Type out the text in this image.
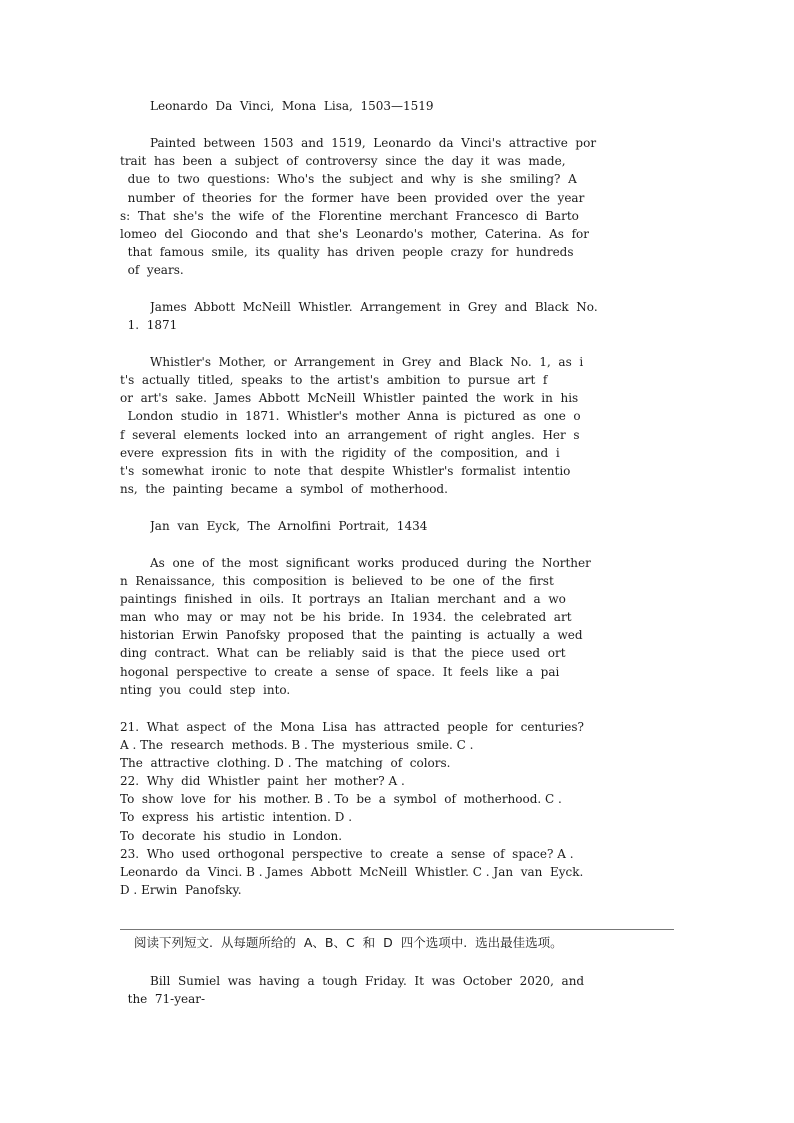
Leonardo  Da  Vinci,  Mona  Lisa,  1503—1519
Painted  between  1503  and  1519,  Leonardo  da  Vinci's  attractive  por
trait  has  been  a  subject  of  controversy  since  the  day  it  was  made,
due  to  two  questions:  Who's  the  subject  and  why  is  she  smiling?  A
number  of  theories  for  the  former  have  been  provided  over  the  year
s:  That  she's  the  wife  of  the  Florentine  merchant  Francesco  di  Barto
lomeo  del  Giocondo  and  that  she's  Leonardo's  mother,  Caterina.  As  for
that  famous  smile,  its  quality  has  driven  people  crazy  for  hundreds
of  years.
James  Abbott  McNeill  Whistler.  Arrangement  in  Grey  and  Black  No.
1.  1871
Whistler's  Mother,  or  Arrangement  in  Grey  and  Black  No.  1,  as  i
t's  actually  titled,  speaks  to  the  artist's  ambition  to  pursue  art  f
or  art's  sake.  James  Abbott  McNeill  Whistler  painted  the  work  in  his
London  studio  in  1871.  Whistler's  mother  Anna  is  pictured  as  one  o
f  several  elements  locked  into  an  arrangement  of  right  angles.  Her  s
evere  expression  fits  in  with  the  rigidity  of  the  composition,  and  i
t's  somewhat  ironic  to  note  that  despite  Whistler's  formalist  intentio
ns,  the  painting  became  a  symbol  of  motherhood.
Jan  van  Eyck,  The  Arnolfini  Portrait,  1434
As  one  of  the  most  significant  works  produced  during  the  Norther
n  Renaissance,  this  composition  is  believed  to  be  one  of  the  first
paintings  finished  in  oils.  It  portrays  an  Italian  merchant  and  a  wo
man  who  may  or  may  not  be  his  bride.  In  1934.  the  celebrated  art
historian  Erwin  Panofsky  proposed  that  the  painting  is  actually  a  wed
ding  contract.  What  can  be  reliably  said  is  that  the  piece  used  ort
hogonal  perspective  to  create  a  sense  of  space.  It  feels  like  a  pai
nting  you  could  step  into.
21.  What  aspect  of  the  Mona  Lisa  has  attracted  people  for  centuries?
A . The  research  methods. B . The  mysterious  smile. C .
The  attractive  clothing. D . The  matching  of  colors.
22.  Why  did  Whistler  paint  her  mother? A .
To  show  love  for  his  mother. B . To  be  a  symbol  of  motherhood. C .
To  express  his  artistic  intention. D .
To  decorate  his  studio  in  London.
23.  Who  used  orthogonal  perspective  to  create  a  sense  of  space? A .
Leonardo  da  Vinci. B . James  Abbott  McNeill  Whistler. C . Jan  van  Eyck.
D . Erwin  Panofsky.
阅读下列短文.  从每题所给的  A、B、C  和  D  四个选项中.  选出最佳选项。
Bill  Sumiel  was  having  a  tough  Friday.  It  was  October  2020,  and
the  71-year-
